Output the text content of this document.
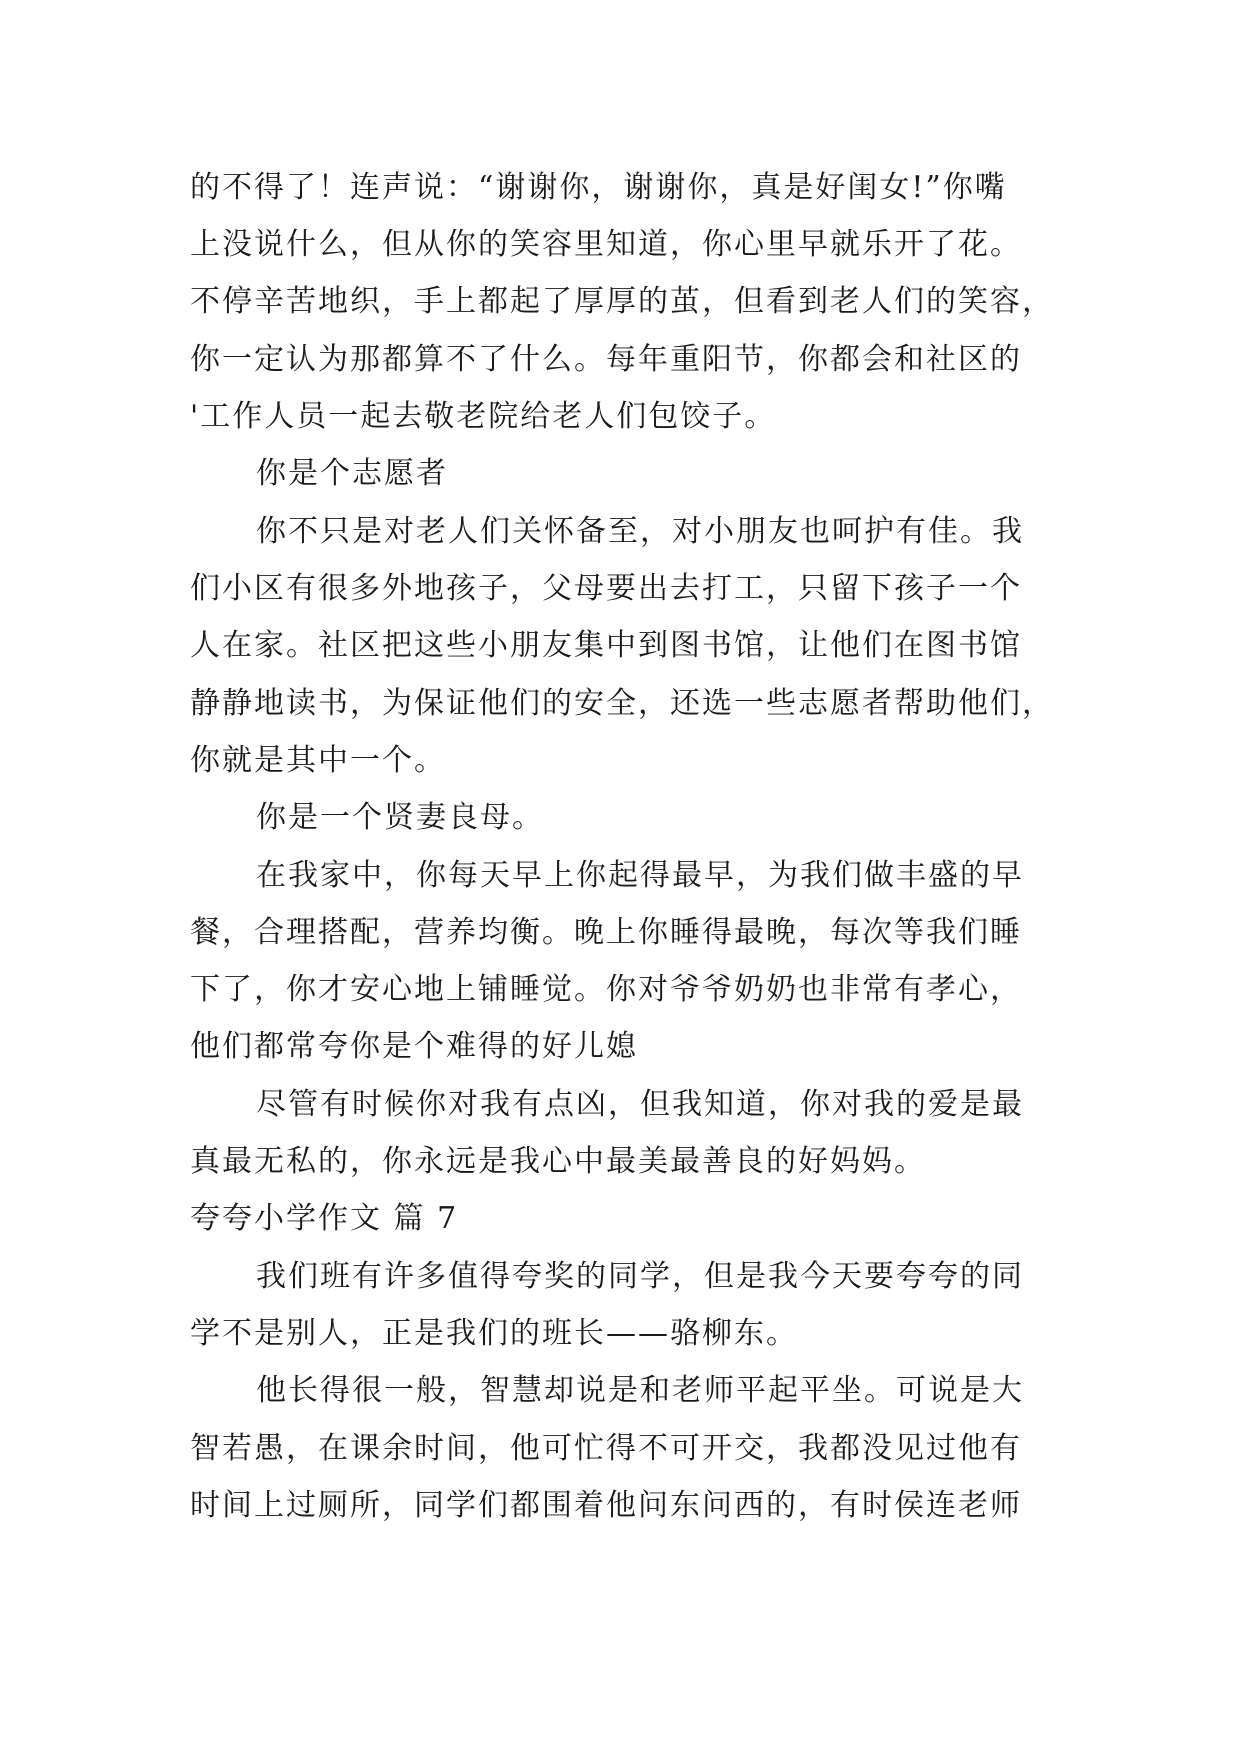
的不得了！连声说：“谢谢你，谢谢你，真是好闺女!”你嘴
上没说什么，但从你的笑容里知道，你心里早就乐开了花。
不停辛苦地织，手上都起了厚厚的茧，但看到老人们的笑容，
你一定认为那都算不了什么。每年重阳节，你都会和社区的
'工作人员一起去敬老院给老人们包饺子。
你是个志愿者
你不只是对老人们关怀备至，对小朋友也呵护有佳。我
们小区有很多外地孩子，父母要出去打工，只留下孩子一个
人在家。社区把这些小朋友集中到图书馆，让他们在图书馆
静静地读书，为保证他们的安全，还选一些志愿者帮助他们，
你就是其中一个。
你是一个贤妻良母。
在我家中，你每天早上你起得最早，为我们做丰盛的早
餐，合理搭配，营养均衡。晚上你睡得最晚，每次等我们睡
下了，你才安心地上铺睡觉。你对爷爷奶奶也非常有孝心，
他们都常夸你是个难得的好儿媳
尽管有时候你对我有点凶，但我知道，你对我的爱是最
真最无私的，你永远是我心中最美最善良的好妈妈。
夸夸小学作文 篇 7
我们班有许多值得夸奖的同学，但是我今天要夸夸的同
学不是别人，正是我们的班长——骆柳东。
他长得很一般，智慧却说是和老师平起平坐。可说是大
智若愚，在课余时间，他可忙得不可开交，我都没见过他有
时间上过厕所，同学们都围着他问东问西的，有时侯连老师
